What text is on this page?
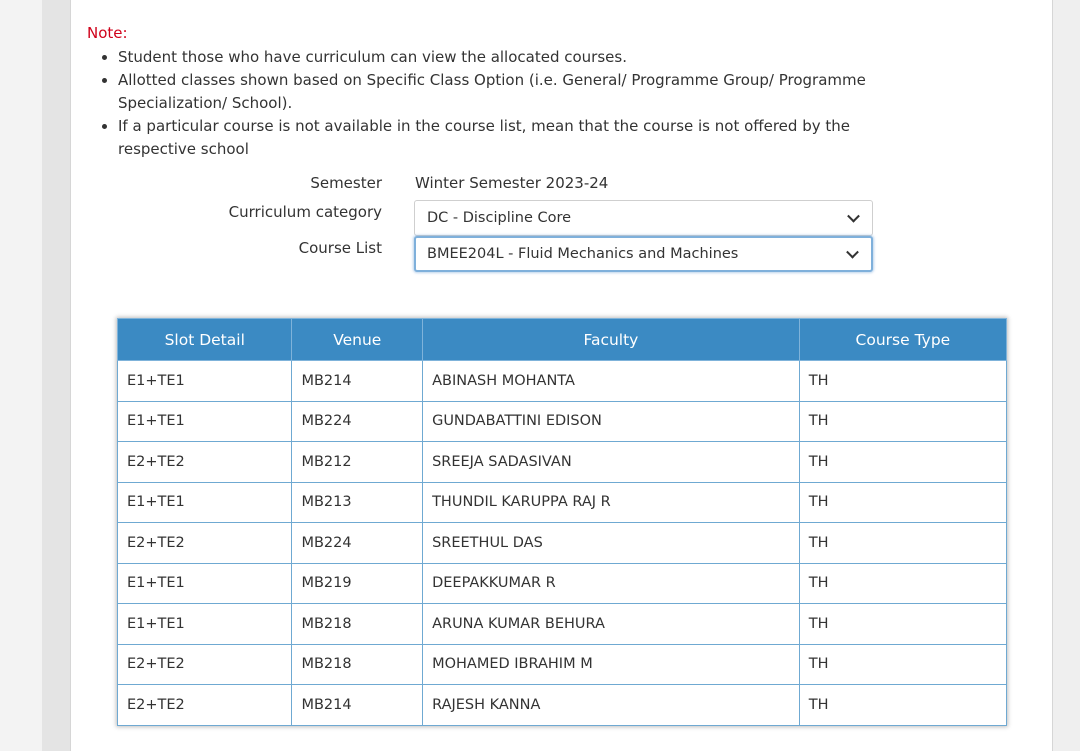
Note:
• Student those who have curriculum can view the allocated courses.
• Allotted classes shown based on Specific Class Option (i.e. General/ Programme Group/ Programme Specialization/ School).
• If a particular course is not available in the course list, mean that the course is not offered by the respective school
Semester Winter Semester 2023-24
Curriculum category	DC - Discipline Core
Course List	BMEE204L - Fluid Mechanics and Machines
Slot Detail	Venue	Faculty	Course Type
E1+TE1	MB214	ABINASH MOHANTA	TH
E1+TE1	MB224	GUNDABATTINI EDISON	TH
E2+TE2	MB212	SREEJA SADASIVAN	TH
E1+TE1	MB213	THUNDIL KARUPPA RAJ R	TH
E2+TE2	MB224	SREETHUL DAS	TH
E1+TE1	MB219	DEEPAKKUMAR R	TH
E1+TE1	MB218	ARUNA KUMAR BEHURA	TH
E2+TE2	MB218	MOHAMED IBRAHIM M	TH
E2+TE2	MB214	RAJESH KANNA	TH
